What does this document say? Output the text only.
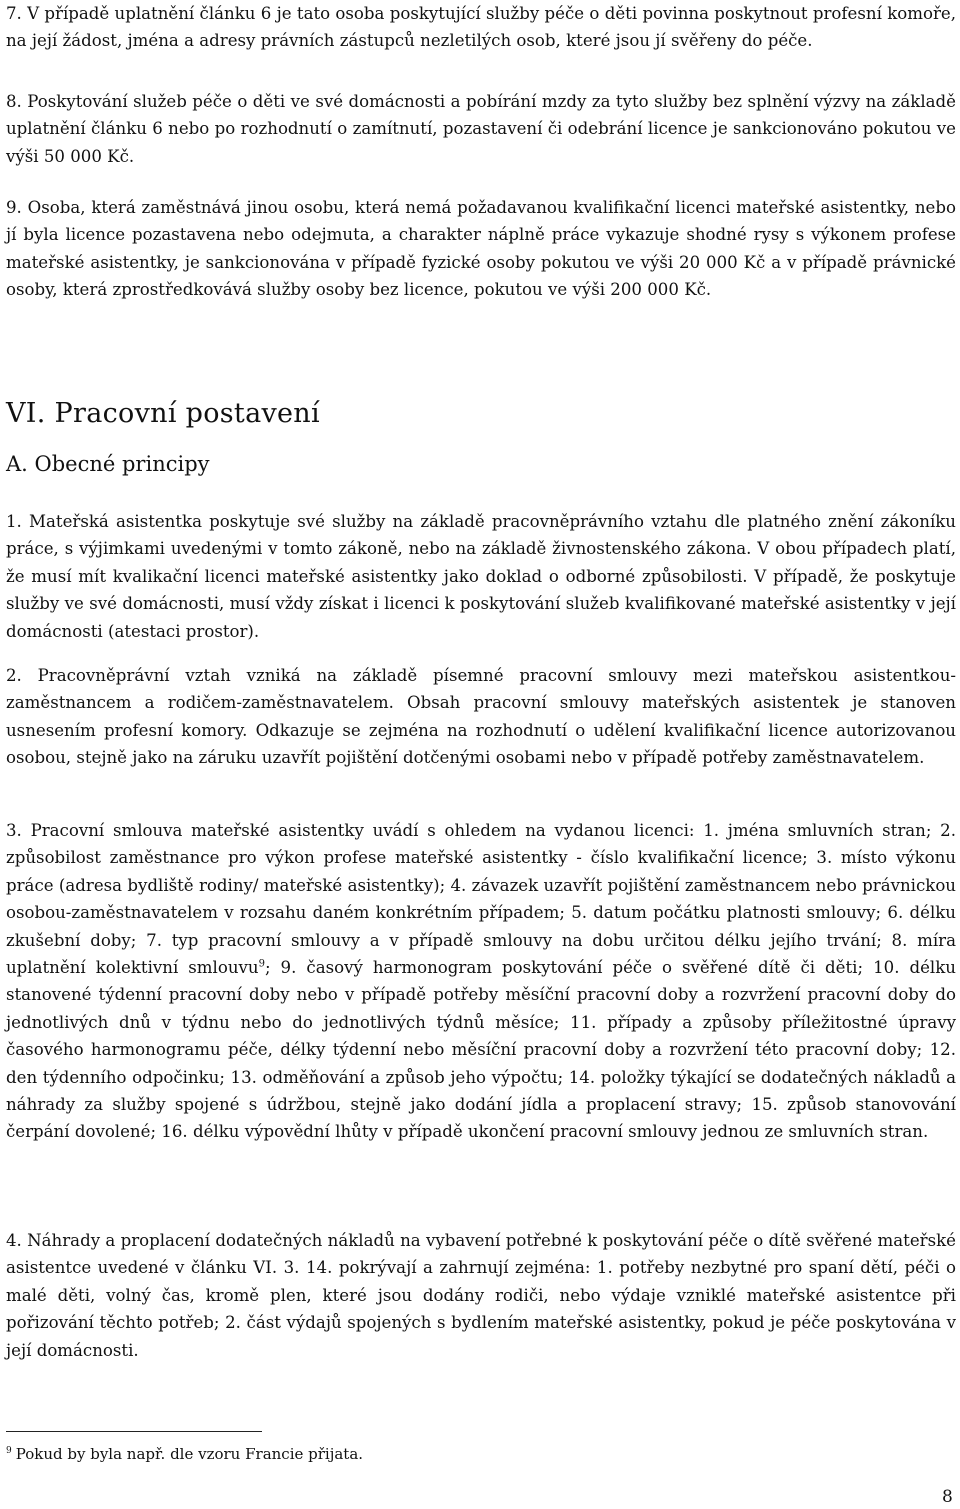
7. V případě uplatnění článku 6 je tato osoba poskytující služby péče o děti povinna poskytnout profesní komoře, na její žádost, jména a adresy právních zástupců nezletilých osob, které jsou jí svěřeny do péče.

8. Poskytování služeb péče o děti ve své domácnosti a pobírání mzdy za tyto služby bez splnění výzvy na základě uplatnění článku 6 nebo po rozhodnutí o zamítnutí, pozastavení či odebrání licence je sankcionováno pokutou ve výši 50 000 Kč.

9. Osoba, která zaměstnává jinou osobu, která nemá požadavanou kvalifikační licenci mateřské asistentky, nebo jí byla licence pozastavena nebo odejmuta, a charakter náplně práce vykazuje shodné rysy s výkonem profese mateřské asistentky, je sankcionována v případě fyzické osoby pokutou ve výši 20 000 Kč a v případě právnické osoby, která zprostředkovává služby osoby bez licence, pokutou ve výši 200 000 Kč.

VI. Pracovní postavení
A. Obecné principy

1. Mateřská asistentka poskytuje své služby na základě pracovněprávního vztahu dle platného znění zákoníku práce, s výjimkami uvedenými v tomto zákoně, nebo na základě živnostenského zákona. V obou případech platí, že musí mít kvalikační licenci mateřské asistentky jako doklad o odborné způsobilosti. V případě, že poskytuje služby ve své domácnosti, musí vždy získat i licenci k poskytování služeb kvalifikované mateřské asistentky v její domácnosti (atestaci prostor).

2. Pracovněprávní vztah vzniká na základě písemné pracovní smlouvy mezi mateřskou asistentkou-zaměstnancem a rodičem-zaměstnavatelem. Obsah pracovní smlouvy mateřských asistentek je stanoven usnesením profesní komory. Odkazuje se zejména na rozhodnutí o udělení kvalifikační licence autorizovanou osobou, stejně jako na záruku uzavřít pojištění dotčenými osobami nebo v případě potřeby zaměstnavatelem.

3. Pracovní smlouva mateřské asistentky uvádí s ohledem na vydanou licenci: 1. jména smluvních stran; 2. způsobilost zaměstnance pro výkon profese mateřské asistentky - číslo kvalifikační licence; 3. místo výkonu práce (adresa bydliště rodiny/ mateřské asistentky); 4. závazek uzavřít pojištění zaměstnancem nebo právnickou osobou-zaměstnavatelem v rozsahu daném konkrétním případem; 5. datum počátku platnosti smlouvy; 6. délku zkušební doby; 7. typ pracovní smlouvy a v případě smlouvy na dobu určitou délku jejího trvání; 8. míra uplatnění kolektivní smlouvu$^9$; 9. časový harmonogram poskytování péče o svěřené dítě či děti; 10. délku stanovené týdenní pracovní doby nebo v případě potřeby měsíční pracovní doby a rozvržení pracovní doby do jednotlivých dnů v týdnu nebo do jednotlivých týdnů měsíce; 11. případy a způsoby příležitostné úpravy časového harmonogramu péče, délky týdenní nebo měsíční pracovní doby a rozvržení této pracovní doby; 12. den týdenního odpočinku; 13. odměňování a způsob jeho výpočtu; 14. položky týkající se dodatečných nákladů a náhrady za služby spojené s údržbou, stejně jako dodání jídla a proplacení stravy; 15. způsob stanovování čerpání dovolené; 16. délku výpovědní lhůty v případě ukončení pracovní smlouvy jednou ze smluvních stran.

4. Náhrady a proplacení dodatečných nákladů na vybavení potřebné k poskytování péče o dítě svěřené mateřské asistentce uvedené v článku VI. 3. 14. pokrývají a zahrnují zejména: 1. potřeby nezbytné pro spaní dětí, péči o malé děti, volný čas, kromě plen, které jsou dodány rodiči, nebo výdaje vzniklé mateřské asistentce při pořizování těchto potřeb; 2. část výdajů spojených s bydlením mateřské asistentky, pokud je péče poskytována v její domácnosti.

$^9$ Pokud by byla např. dle vzoru Francie přijata.

8
